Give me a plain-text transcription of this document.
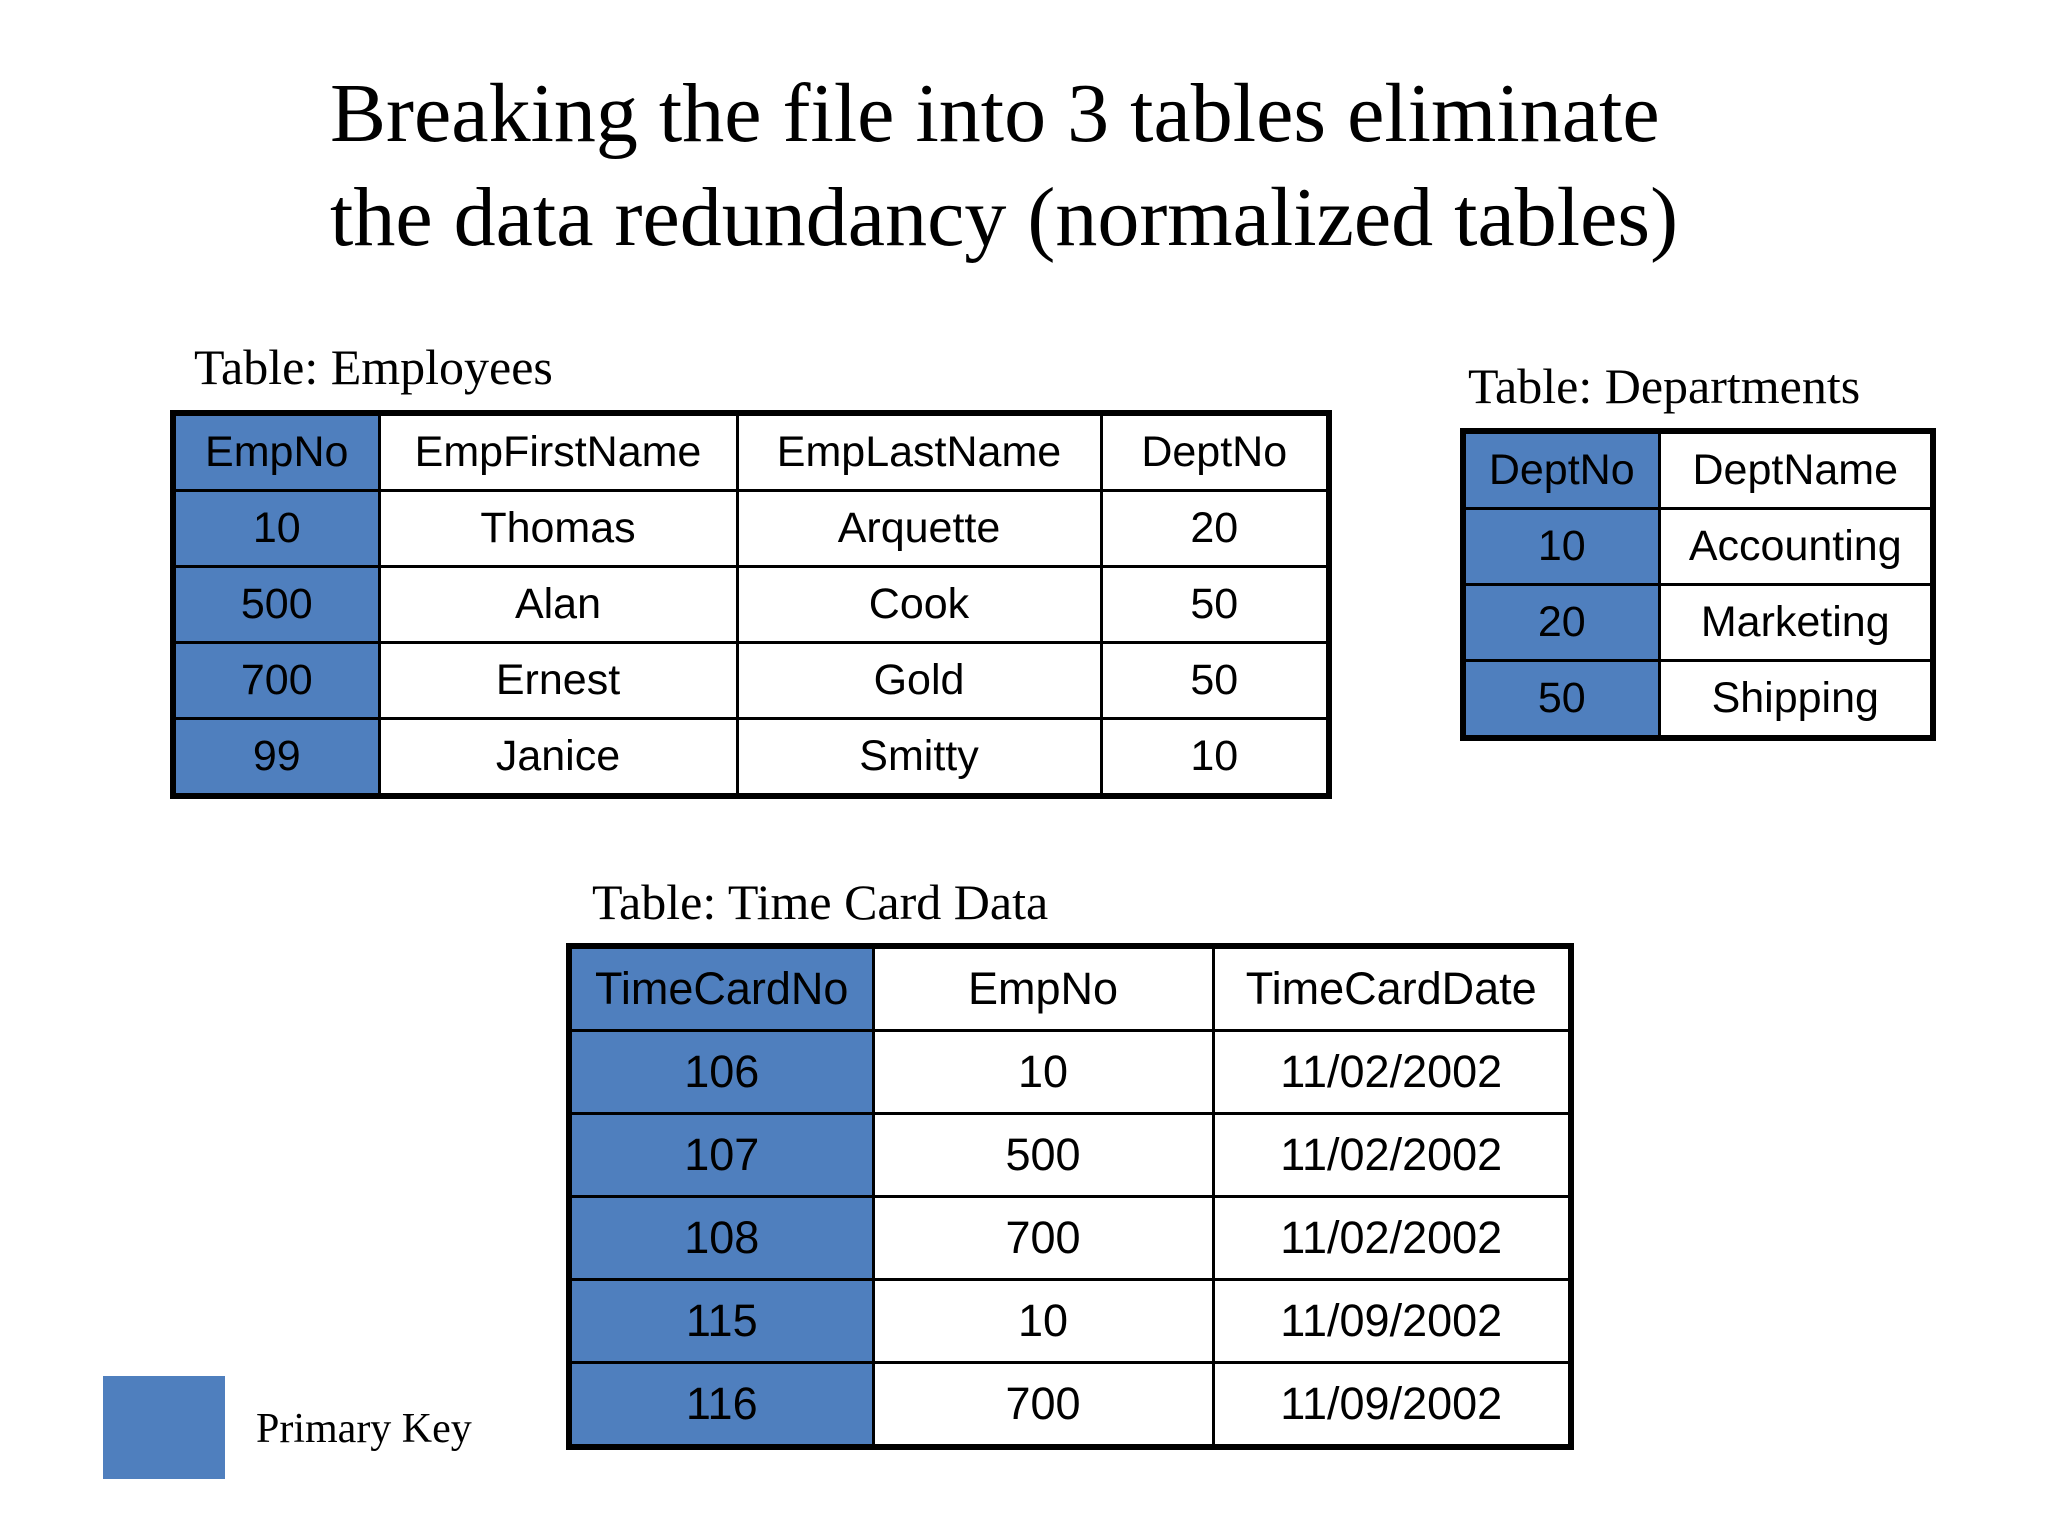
Breaking the file into 3 tables eliminate
the data redundancy (normalized tables)
Table: Employees
EmpNo	EmpFirstName	EmpLastName	DeptNo
10	Thomas	Arquette	20
500	Alan	Cook	50
700	Ernest	Gold	50
99	Janice	Smitty	10
Table: Departments
DeptNo	DeptName
10	Accounting
20	Marketing
50	Shipping
Table: Time Card Data
TimeCardNo	EmpNo	TimeCardDate
106	10	11/02/2002
107	500	11/02/2002
108	700	11/02/2002
115	10	11/09/2002
116	700	11/09/2002
Primary Key
